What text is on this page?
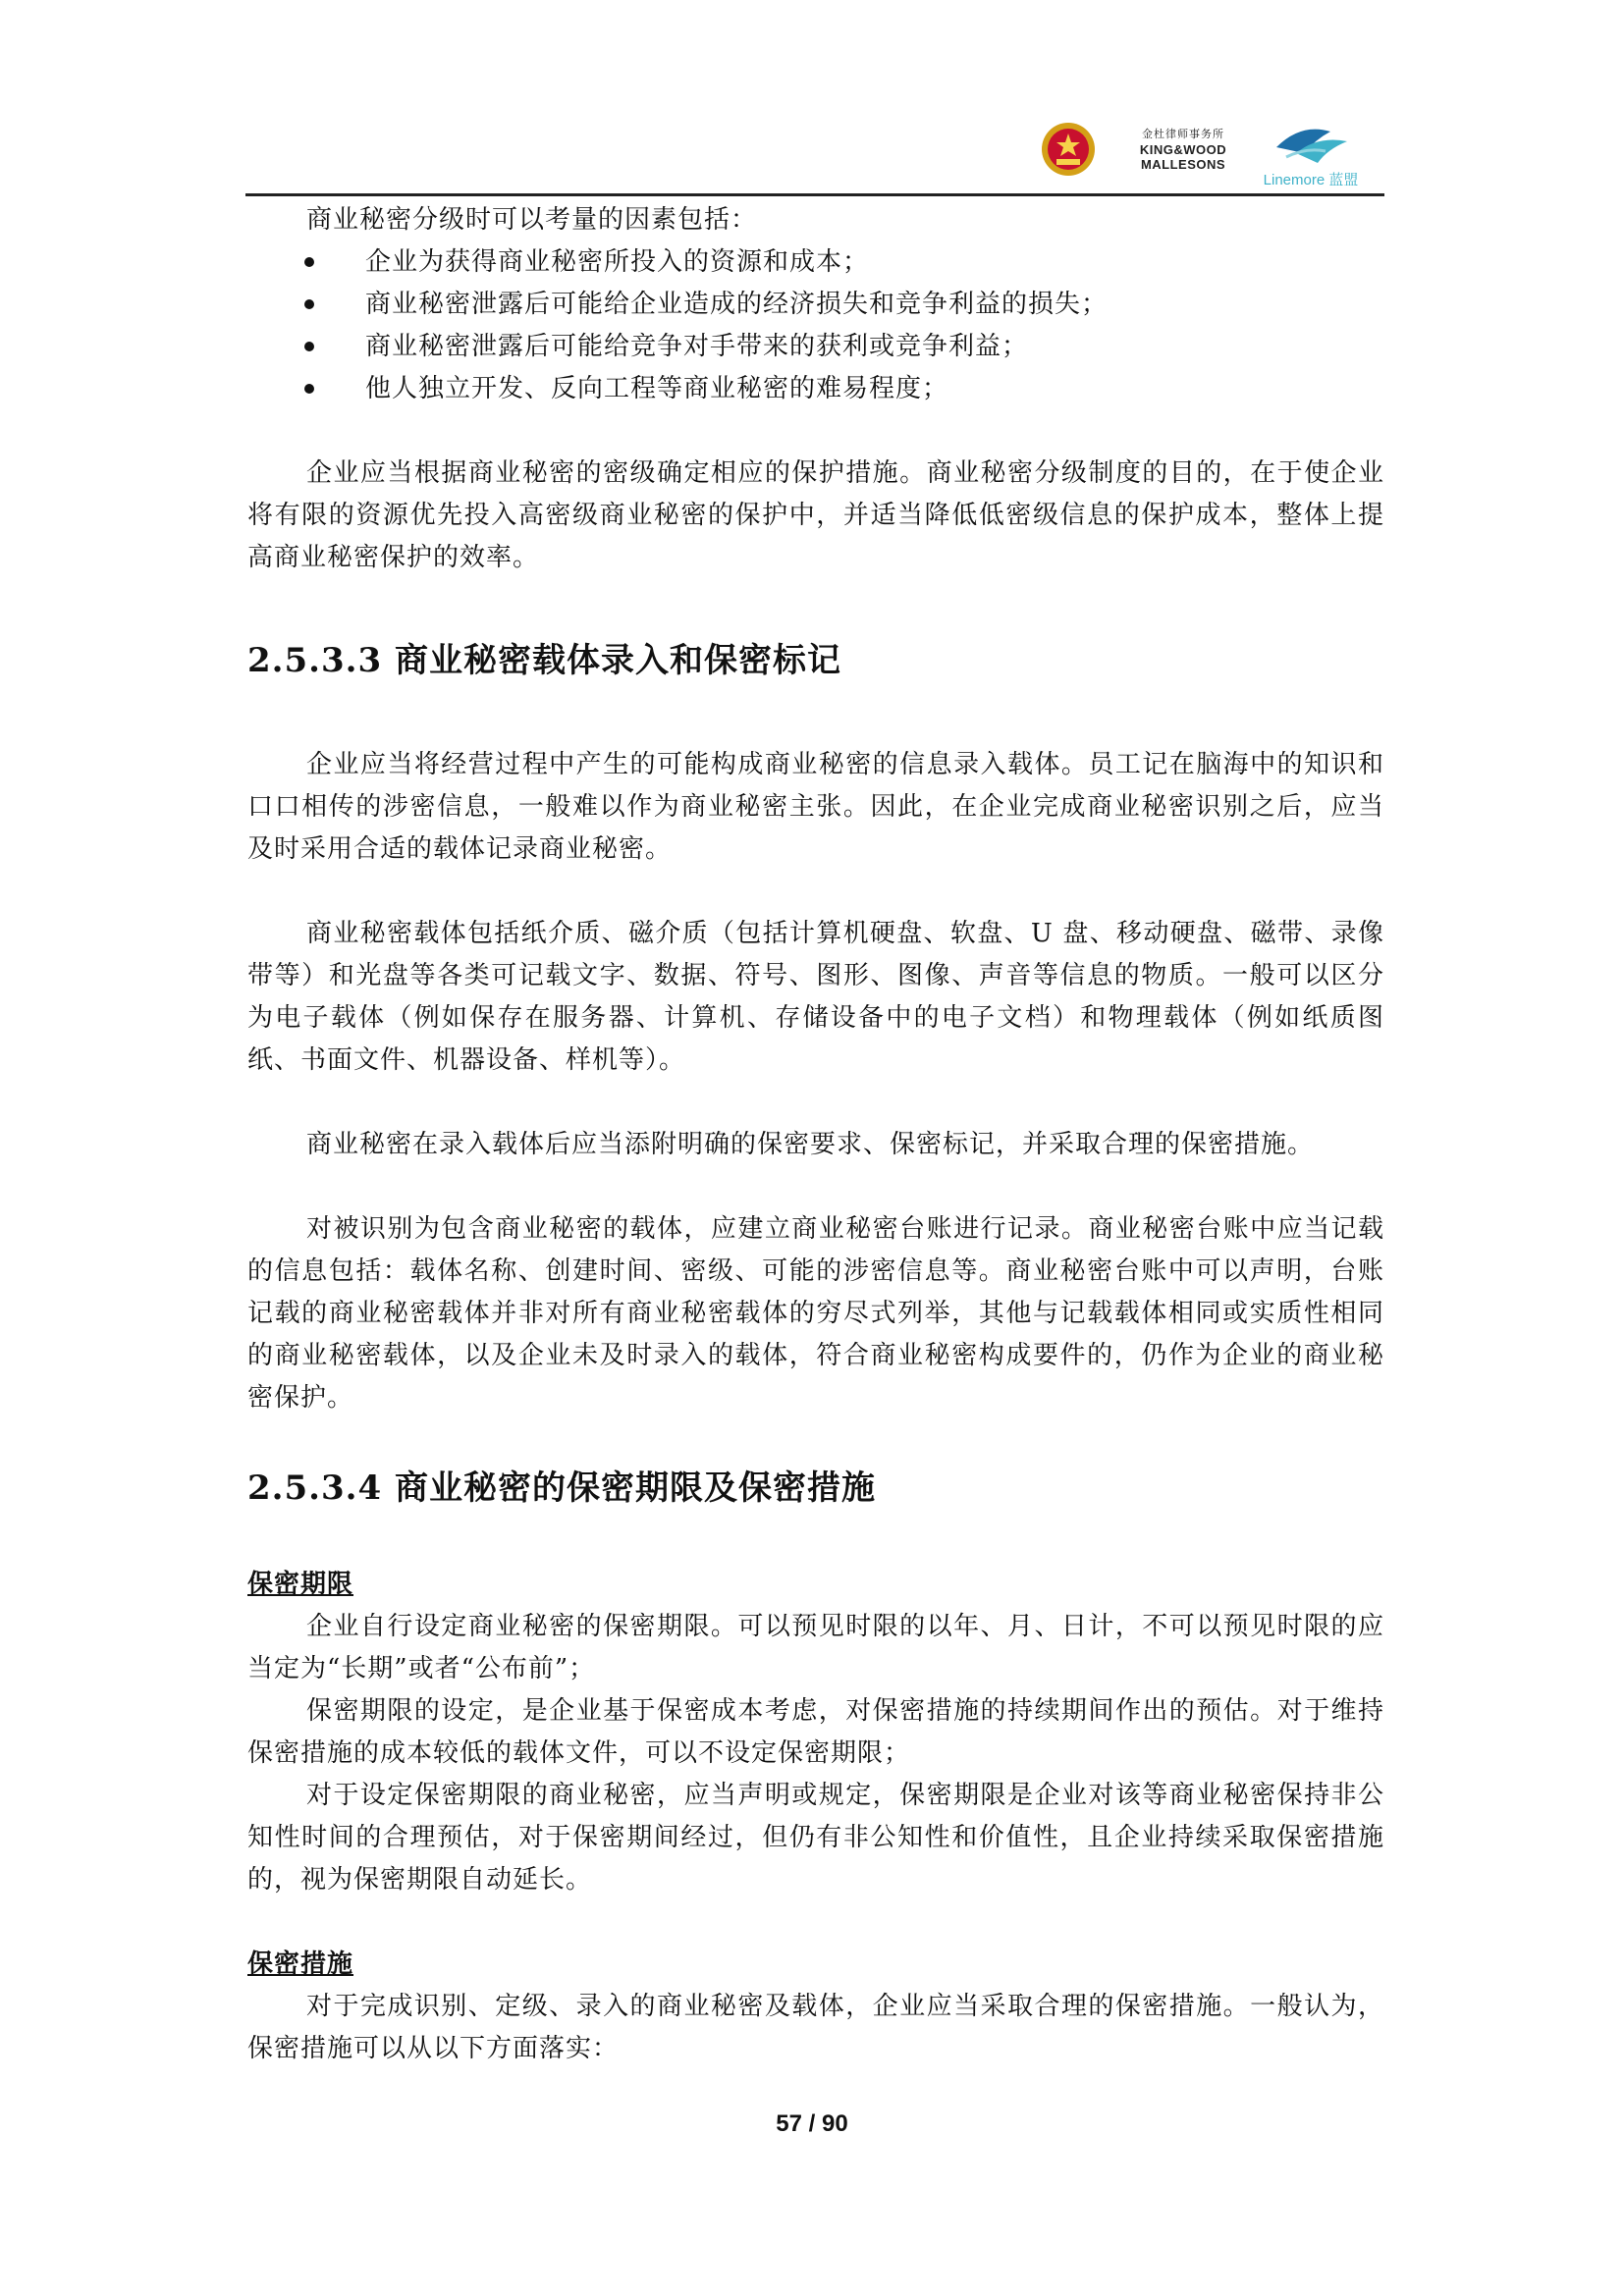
金杜律师事务所
KING&WOOD
MALLESONS
Linemore 蓝盟

商业秘密分级时可以考量的因素包括：

企业为获得商业秘密所投入的资源和成本；
商业秘密泄露后可能给企业造成的经济损失和竞争利益的损失；
商业秘密泄露后可能给竞争对手带来的获利或竞争利益；
他人独立开发、反向工程等商业秘密的难易程度；

企业应当根据商业秘密的密级确定相应的保护措施。商业秘密分级制度的目的，在于使企业将有限的资源优先投入高密级商业秘密的保护中，并适当降低低密级信息的保护成本，整体上提高商业秘密保护的效率。

2.5.3.3 商业秘密载体录入和保密标记

企业应当将经营过程中产生的可能构成商业秘密的信息录入载体。员工记在脑海中的知识和口口相传的涉密信息，一般难以作为商业秘密主张。因此，在企业完成商业秘密识别之后，应当及时采用合适的载体记录商业秘密。

商业秘密载体包括纸介质、磁介质（包括计算机硬盘、软盘、U 盘、移动硬盘、磁带、录像带等）和光盘等各类可记载文字、数据、符号、图形、图像、声音等信息的物质。一般可以区分为电子载体（例如保存在服务器、计算机、存储设备中的电子文档）和物理载体（例如纸质图纸、书面文件、机器设备、样机等）。

商业秘密在录入载体后应当添附明确的保密要求、保密标记，并采取合理的保密措施。

对被识别为包含商业秘密的载体，应建立商业秘密台账进行记录。商业秘密台账中应当记载的信息包括：载体名称、创建时间、密级、可能的涉密信息等。商业秘密台账中可以声明，台账记载的商业秘密载体并非对所有商业秘密载体的穷尽式列举，其他与记载载体相同或实质性相同的商业秘密载体，以及企业未及时录入的载体，符合商业秘密构成要件的，仍作为企业的商业秘密保护。

2.5.3.4 商业秘密的保密期限及保密措施
保密期限

企业自行设定商业秘密的保密期限。可以预见时限的以年、月、日计，不可以预见时限的应当定为“长期”或者“公布前”；

保密期限的设定，是企业基于保密成本考虑，对保密措施的持续期间作出的预估。对于维持保密措施的成本较低的载体文件，可以不设定保密期限；

对于设定保密期限的商业秘密，应当声明或规定，保密期限是企业对该等商业秘密保持非公知性时间的合理预估，对于保密期间经过，但仍有非公知性和价值性，且企业持续采取保密措施的，视为保密期限自动延长。

保密措施

对于完成识别、定级、录入的商业秘密及载体，企业应当采取合理的保密措施。一般认为，保密措施可以从以下方面落实：

57 / 90
